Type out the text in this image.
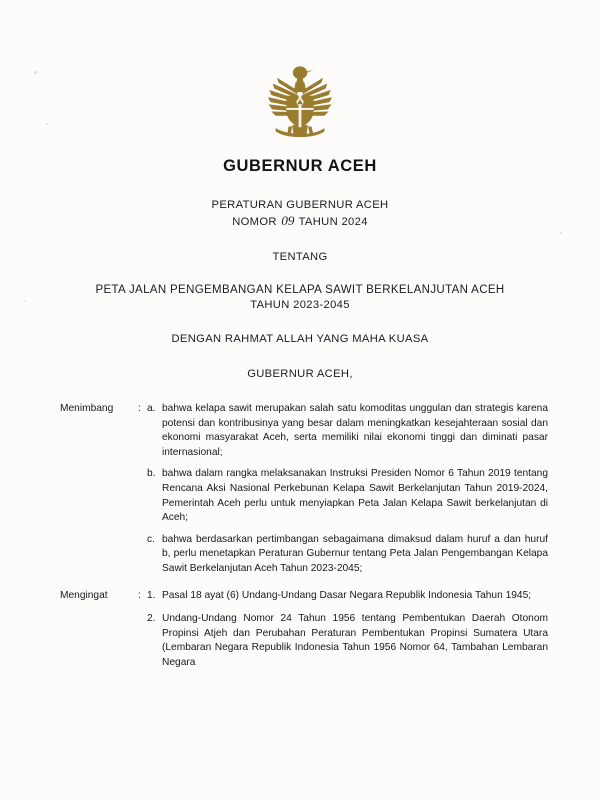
GUBERNUR ACEH
PERATURAN GUBERNUR ACEH
NOMOR 09 TAHUN 2024
TENTANG
PETA JALAN PENGEMBANGAN KELAPA SAWIT BERKELANJUTAN ACEH
TAHUN 2023-2045
DENGAN RAHMAT ALLAH YANG MAHA KUASA
GUBERNUR ACEH,
Menimbang	: a. bahwa kelapa sawit merupakan salah satu komoditas unggulan dan strategis karena potensi dan kontribusinya yang besar dalam meningkatkan kesejahteraan sosial dan ekonomi masyarakat Aceh, serta memiliki nilai ekonomi tinggi dan diminati pasar internasional;
b. bahwa dalam rangka melaksanakan Instruksi Presiden Nomor 6 Tahun 2019 tentang Rencana Aksi Nasional Perkebunan Kelapa Sawit Berkelanjutan Tahun 2019-2024, Pemerintah Aceh perlu untuk menyiapkan Peta Jalan Kelapa Sawit berkelanjutan di Aceh;
c. bahwa berdasarkan pertimbangan sebagaimana dimaksud dalam huruf a dan huruf b, perlu menetapkan Peraturan Gubernur tentang Peta Jalan Pengembangan Kelapa Sawit Berkelanjutan Aceh Tahun 2023-2045;
Mengingat	: 1. Pasal 18 ayat (6) Undang-Undang Dasar Negara Republik Indonesia Tahun 1945;
2. Undang-Undang Nomor 24 Tahun 1956 tentang Pembentukan Daerah Otonom Propinsi Atjeh dan Perubahan Peraturan Pembentukan Propinsi Sumatera Utara (Lembaran Negara Republik Indonesia Tahun 1956 Nomor 64, Tambahan Lembaran Negara
